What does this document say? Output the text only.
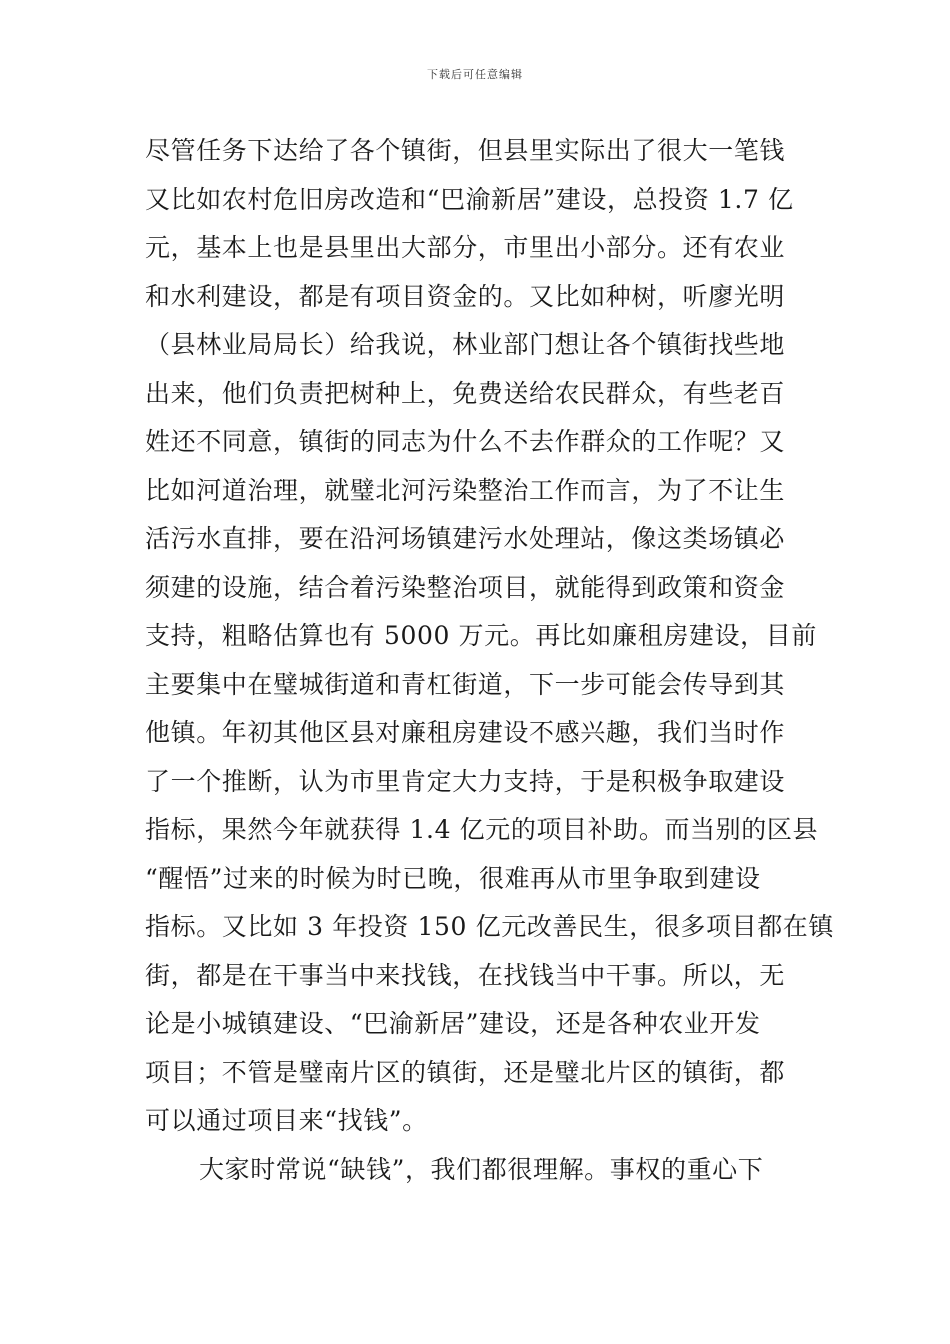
下载后可任意编辑
尽管任务下达给了各个镇街，但县里实际出了很大一笔钱
又比如农村危旧房改造和“巴渝新居”建设，总投资 1.7 亿
元，基本上也是县里出大部分，市里出小部分。还有农业
和水利建设，都是有项目资金的。又比如种树，听廖光明
（县林业局局长）给我说，林业部门想让各个镇街找些地
出来，他们负责把树种上，免费送给农民群众，有些老百
姓还不同意，镇街的同志为什么不去作群众的工作呢？又
比如河道治理，就璧北河污染整治工作而言，为了不让生
活污水直排，要在沿河场镇建污水处理站，像这类场镇必
须建的设施，结合着污染整治项目，就能得到政策和资金
支持，粗略估算也有 5000 万元。再比如廉租房建设，目前
主要集中在璧城街道和青杠街道，下一步可能会传导到其
他镇。年初其他区县对廉租房建设不感兴趣，我们当时作
了一个推断，认为市里肯定大力支持，于是积极争取建设
指标，果然今年就获得 1.4 亿元的项目补助。而当别的区县
“醒悟”过来的时候为时已晚，很难再从市里争取到建设
指标。又比如 3 年投资 150 亿元改善民生，很多项目都在镇
街，都是在干事当中来找钱，在找钱当中干事。所以，无
论是小城镇建设、“巴渝新居”建设，还是各种农业开发
项目；不管是璧南片区的镇街，还是璧北片区的镇街，都
可以通过项目来“找钱”。
大家时常说“缺钱”，我们都很理解。事权的重心下
